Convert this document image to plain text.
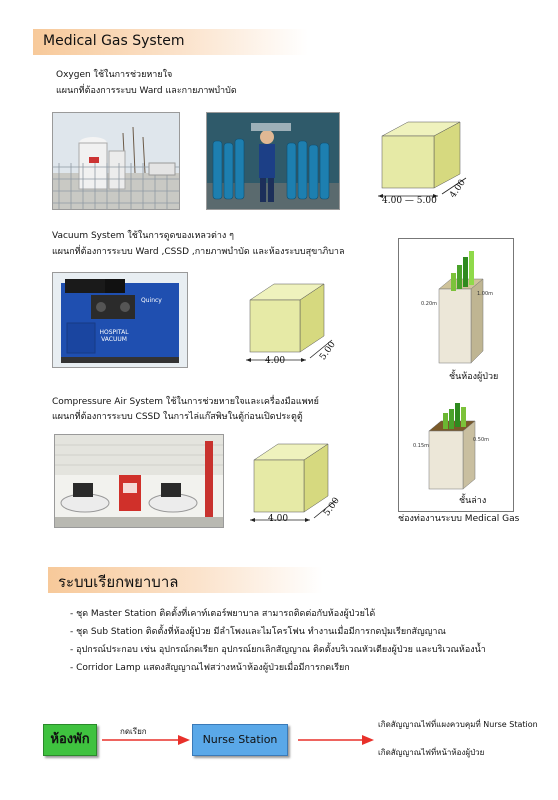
Medical Gas System
Oxygen ใช้ในการช่วยหายใจ
แผนกที่ต้องการระบบ Ward และกายภาพบำบัด
4.00 — 5.00
4.00
Vacuum System ใช้ในการดูดของเหลวต่าง ๆ
แผนกที่ต้องการระบบ Ward ,CSSD ,กายภาพบำบัด และห้องระบบสุขาภิบาล
Quincy
HOSPITAL VACUUM
4.00	5.00
0.20m
1.00m
ชั้นห้องผู้ป่วย
0.15m
0.50m
ชั้นล่าง
ช่องท่องานระบบ Medical Gas
Compressure Air System ใช้ในการช่วยหายใจและเครื่องมือแพทย์
แผนกที่ต้องการระบบ CSSD ในการไล่แก๊สพิษในตู้ก่อนเปิดประตูตู้
4.00
5.00
ระบบเรียกพยาบาล
- ชุด Master Station ติดตั้งที่เคาท์เตอร์พยาบาล สามารถติดต่อกับห้องผู้ป่วยได้
- ชุด Sub Station ติดตั้งที่ห้องผู้ป่วย มีลำโพงและไมโครโฟน ทำงานเมื่อมีการกดปุ่มเรียกสัญญาณ
- อุปกรณ์ประกอบ เช่น อุปกรณ์กดเรียก อุปกรณ์ยกเลิกสัญญาณ ติดตั้งบริเวณหัวเตียงผู้ป่วย และบริเวณห้องน้ำ
- Corridor Lamp แสดงสัญญาณไฟสว่างหน้าห้องผู้ป่วยเมื่อมีการกดเรียก
ห้องพัก
กดเรียก
Nurse Station
เกิดสัญญาณไฟที่แผงควบคุมที่ Nurse Station
เกิดสัญญาณไฟที่หน้าห้องผู้ป่วย
